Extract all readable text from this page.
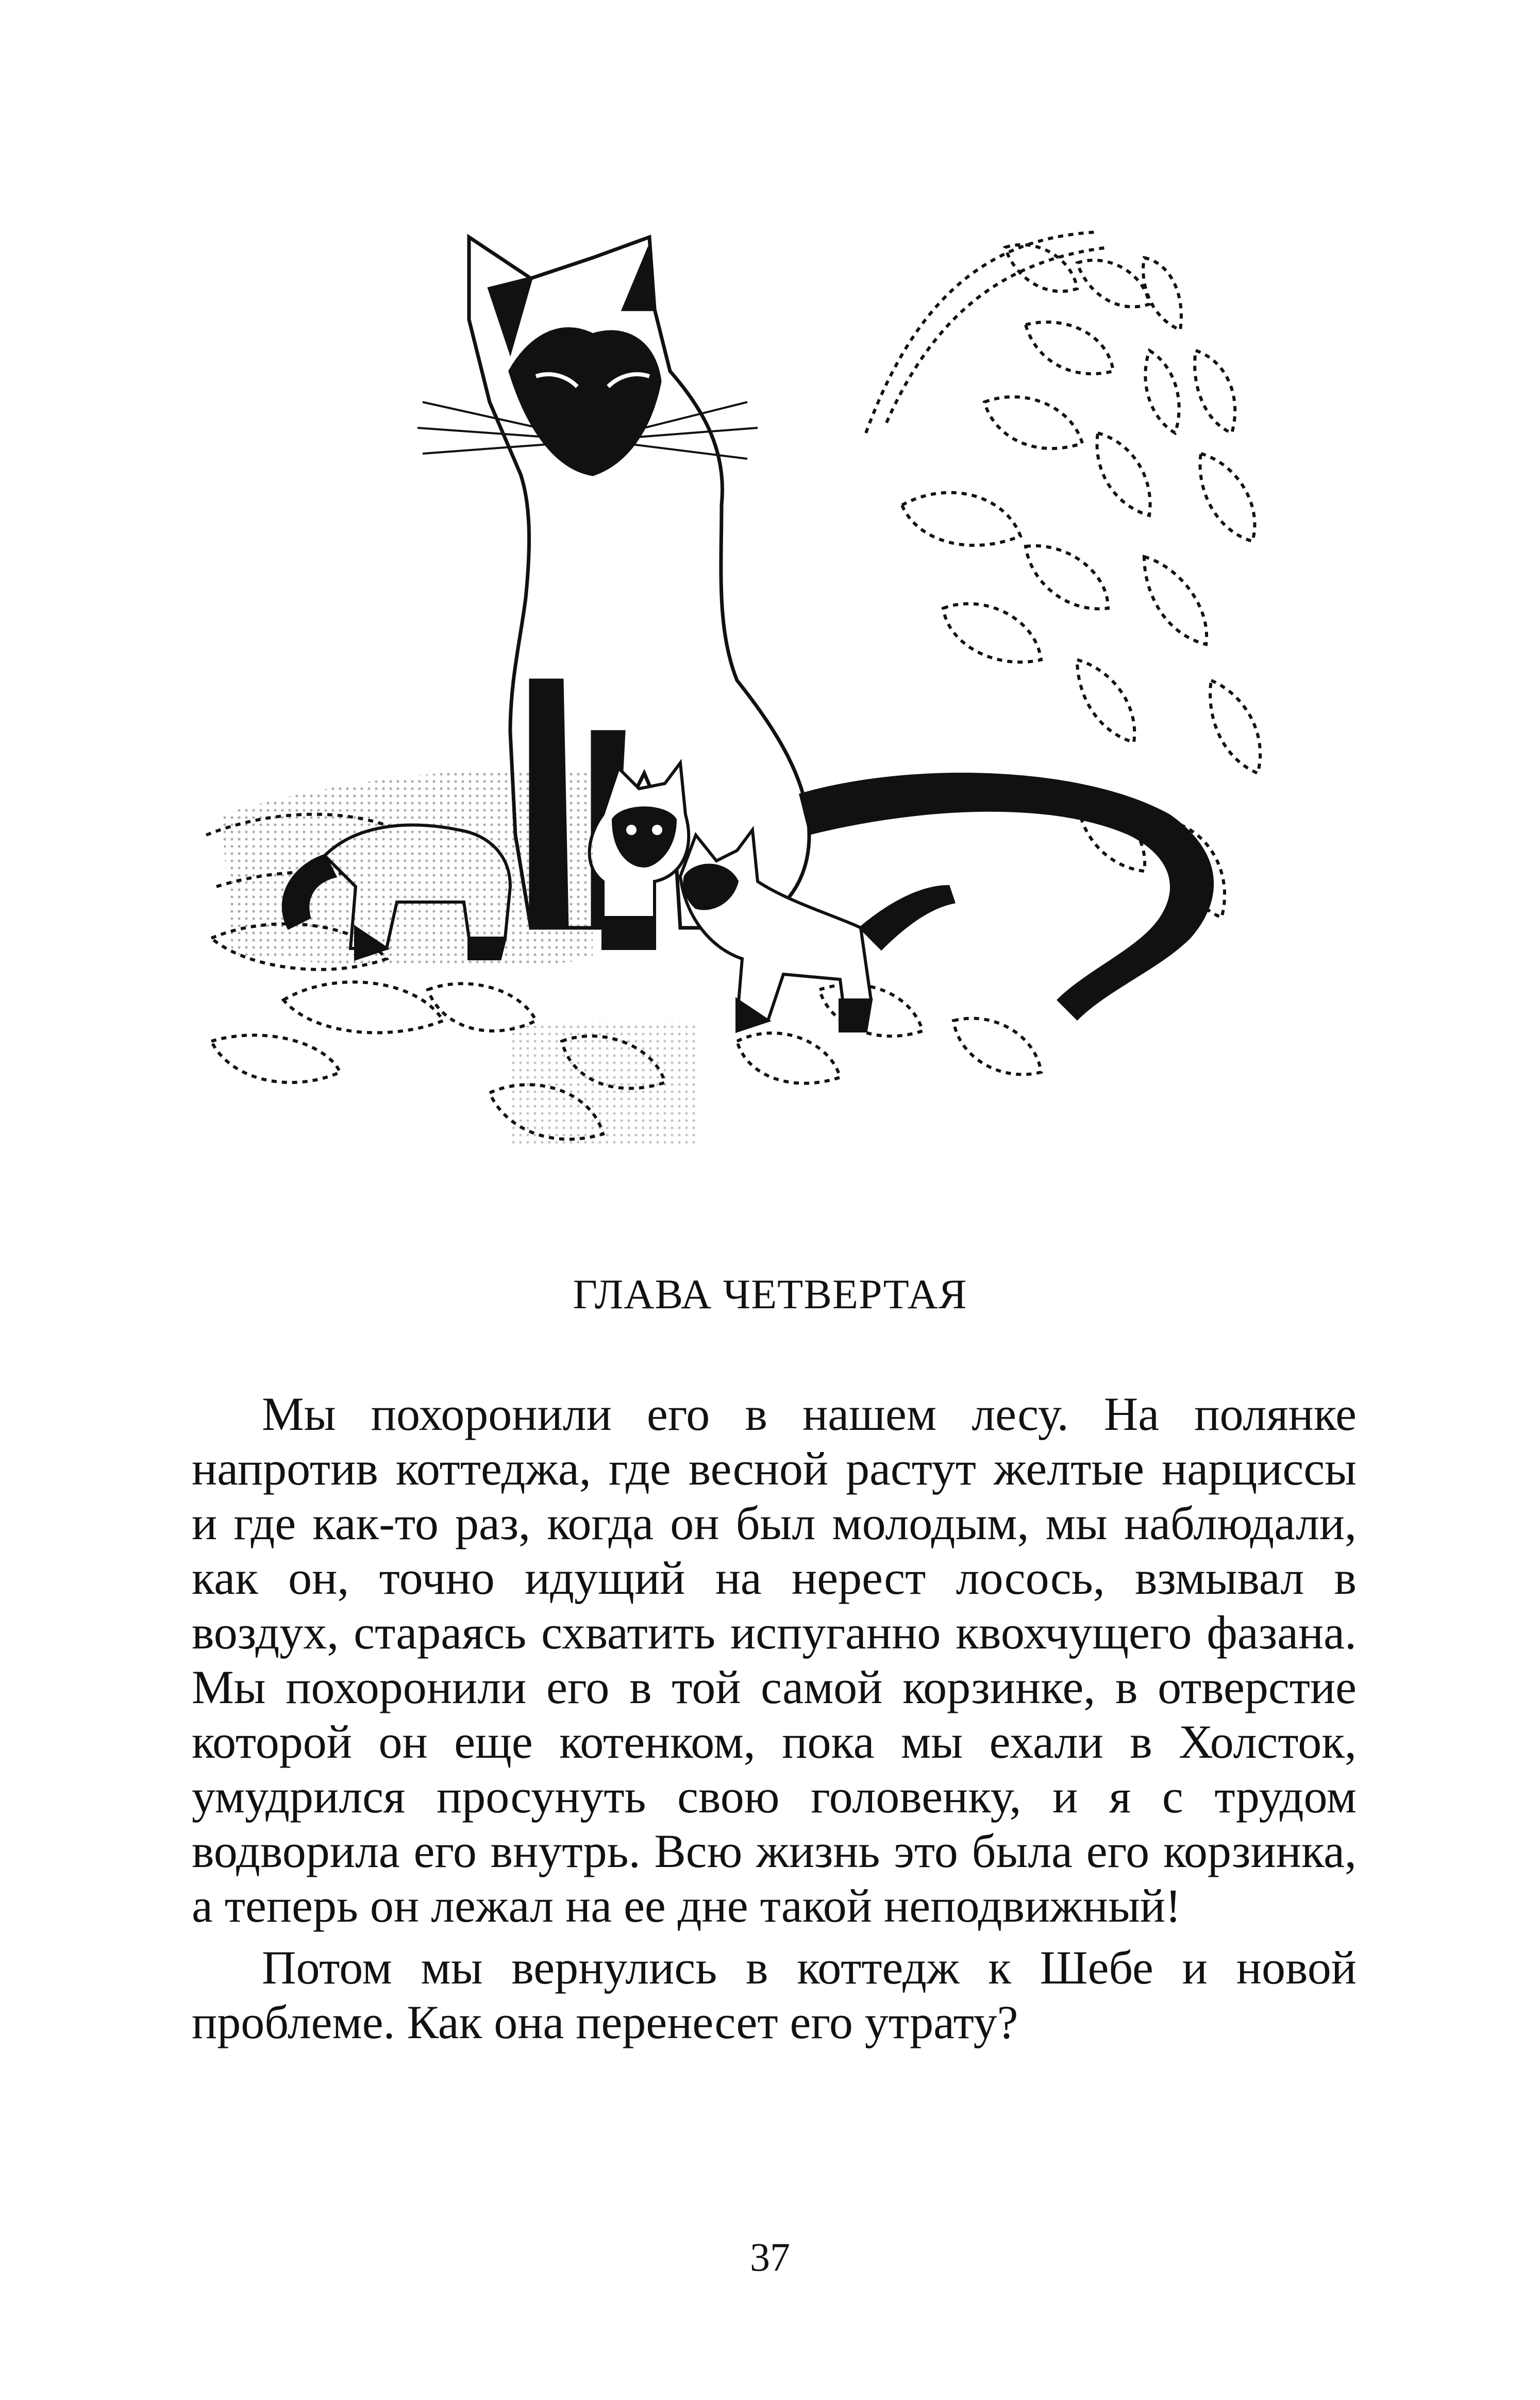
ГЛАВА ЧЕТВЕРТАЯ

Мы похоронили его в нашем лесу. На полянке напротив коттеджа, где весной растут желтые нарциссы и где как-то раз, когда он был молодым, мы наблюдали, как он, точно идущий на нерест лосось, взмывал в воздух, стараясь схватить испуганно квохчущего фазана. Мы похоронили его в той самой корзинке, в отверстие которой он еще котенком, пока мы ехали в Холсток, умудрился просунуть свою головенку, и я с трудом водворила его внутрь. Всю жизнь это была его корзинка, а теперь он лежал на ее дне такой неподвижный!

Потом мы вернулись в коттедж к Шебе и новой проблеме. Как она перенесет его утрату?

37
